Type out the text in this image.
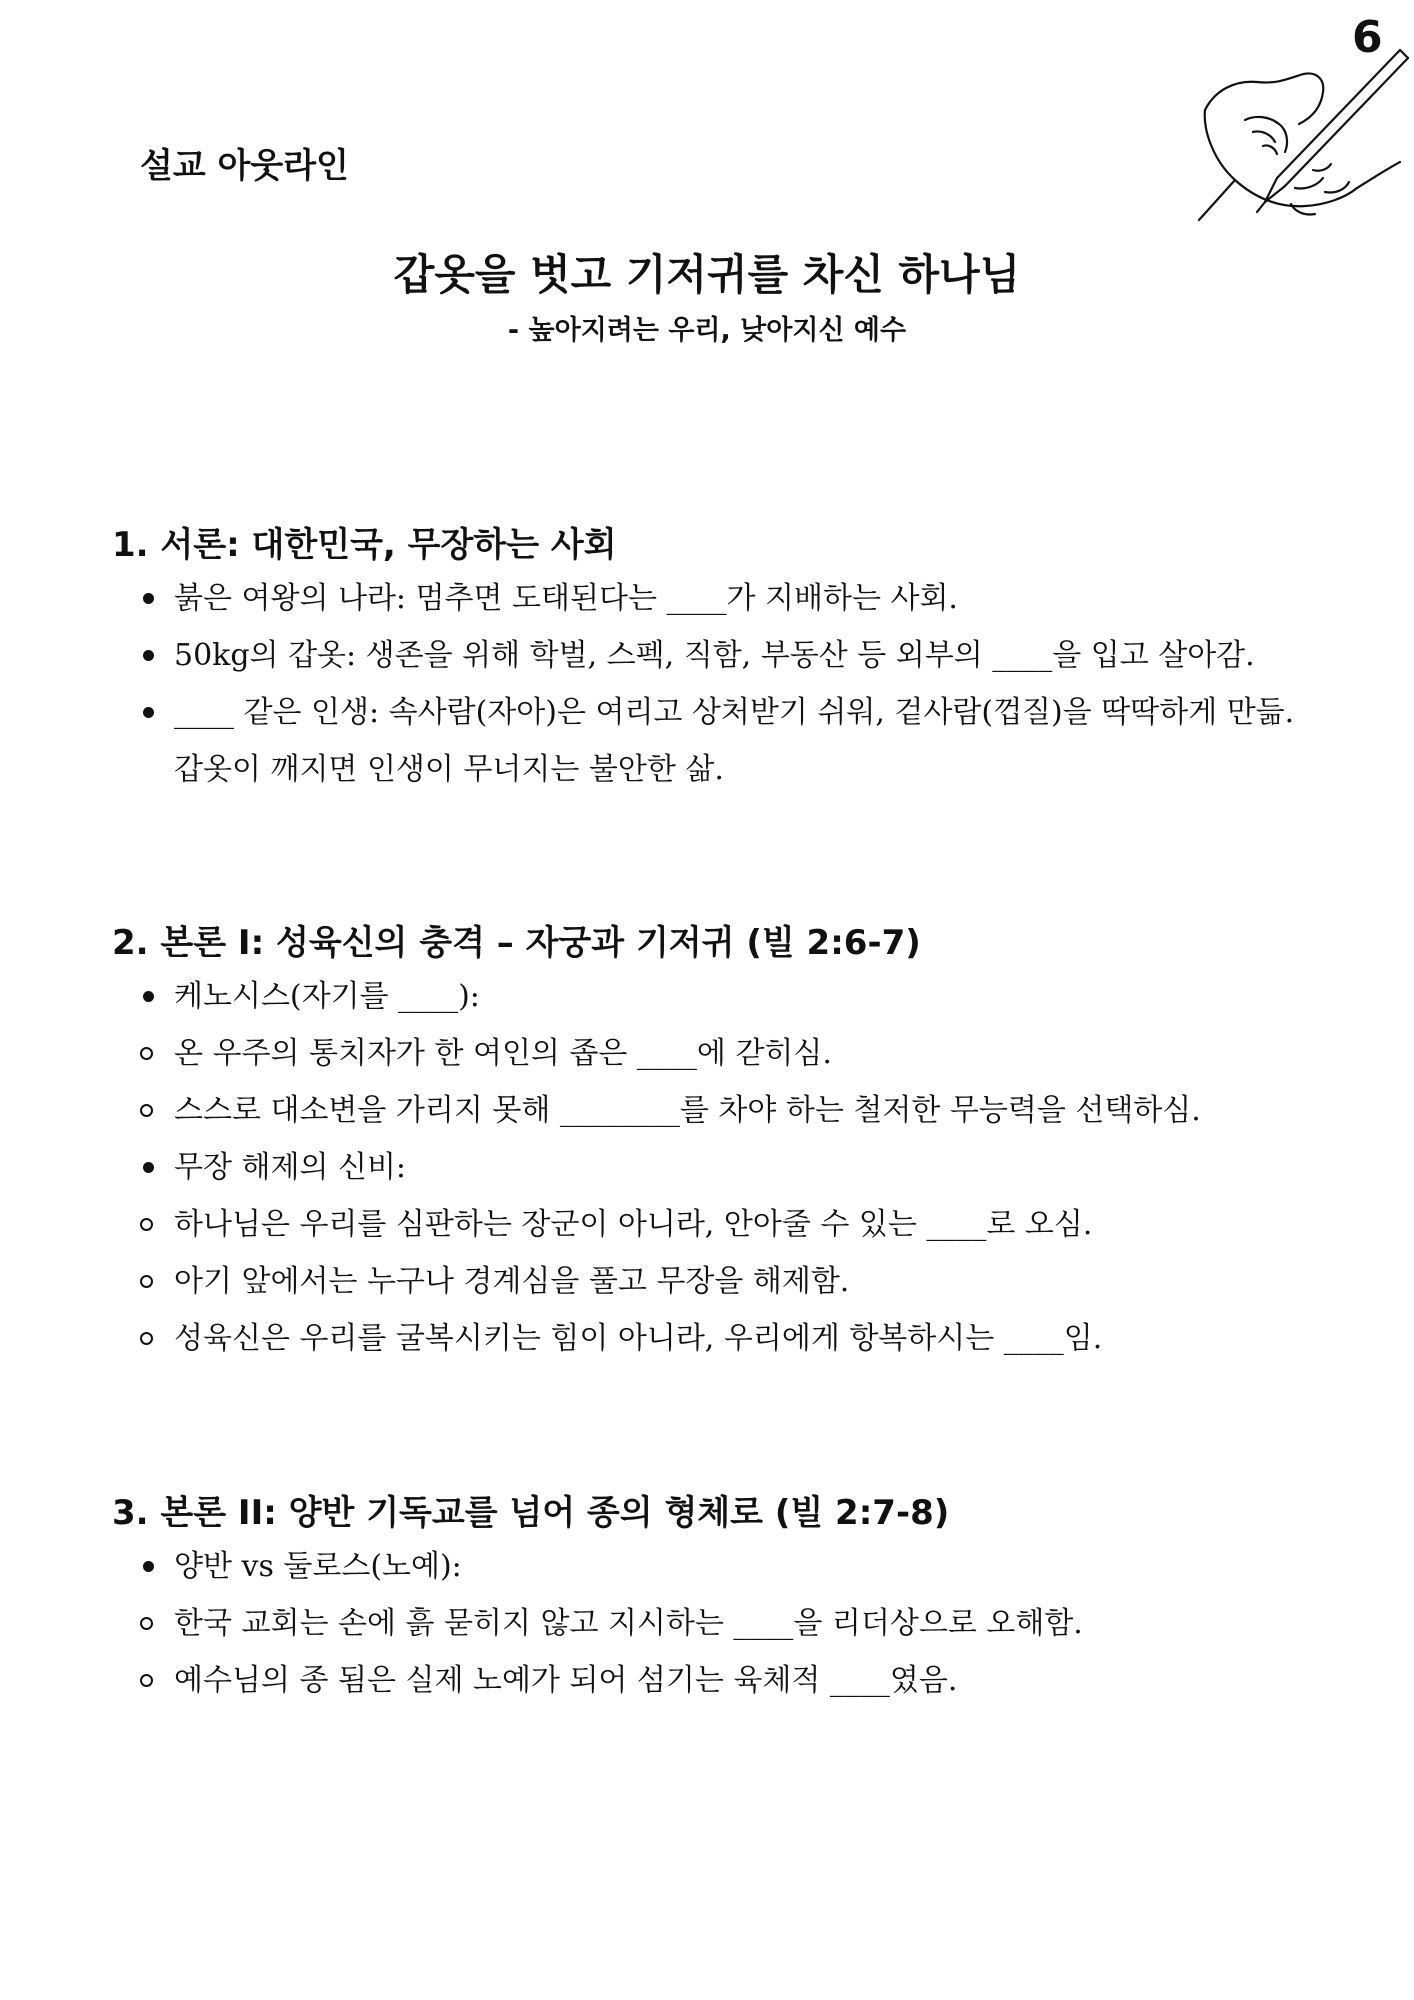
6
설교 아웃라인
갑옷을 벗고 기저귀를 차신 하나님

- 높아지려는 우리, 낮아지신 예수

1. 서론: 대한민국, 무장하는 사회
붉은 여왕의 나라: 멈추면 도태된다는 ____가 지배하는 사회.
50kg의 갑옷: 생존을 위해 학벌, 스펙, 직함, 부동산 등 외부의 ____을 입고 살아감.
____ 같은 인생: 속사람(자아)은 여리고 상처받기 쉬워, 겉사람(껍질)을 딱딱하게 만듦. 갑옷이 깨지면 인생이 무너지는 불안한 삶.
2. 본론 I: 성육신의 충격 – 자궁과 기저귀 (빌 2:6-7)
케노시스(자기를 ____):
온 우주의 통치자가 한 여인의 좁은 ____에 갇히심.
스스로 대소변을 가리지 못해 ________를 차야 하는 철저한 무능력을 선택하심.
무장 해제의 신비:
하나님은 우리를 심판하는 장군이 아니라, 안아줄 수 있는 ____로 오심.
아기 앞에서는 누구나 경계심을 풀고 무장을 해제함.
성육신은 우리를 굴복시키는 힘이 아니라, 우리에게 항복하시는 ____임.
3. 본론 II: 양반 기독교를 넘어 종의 형체로 (빌 2:7-8)
양반 vs 둘로스(노예):
한국 교회는 손에 흙 묻히지 않고 지시하는 ____을 리더상으로 오해함.
예수님의 종 됨은 실제 노예가 되어 섬기는 육체적 ____였음.
